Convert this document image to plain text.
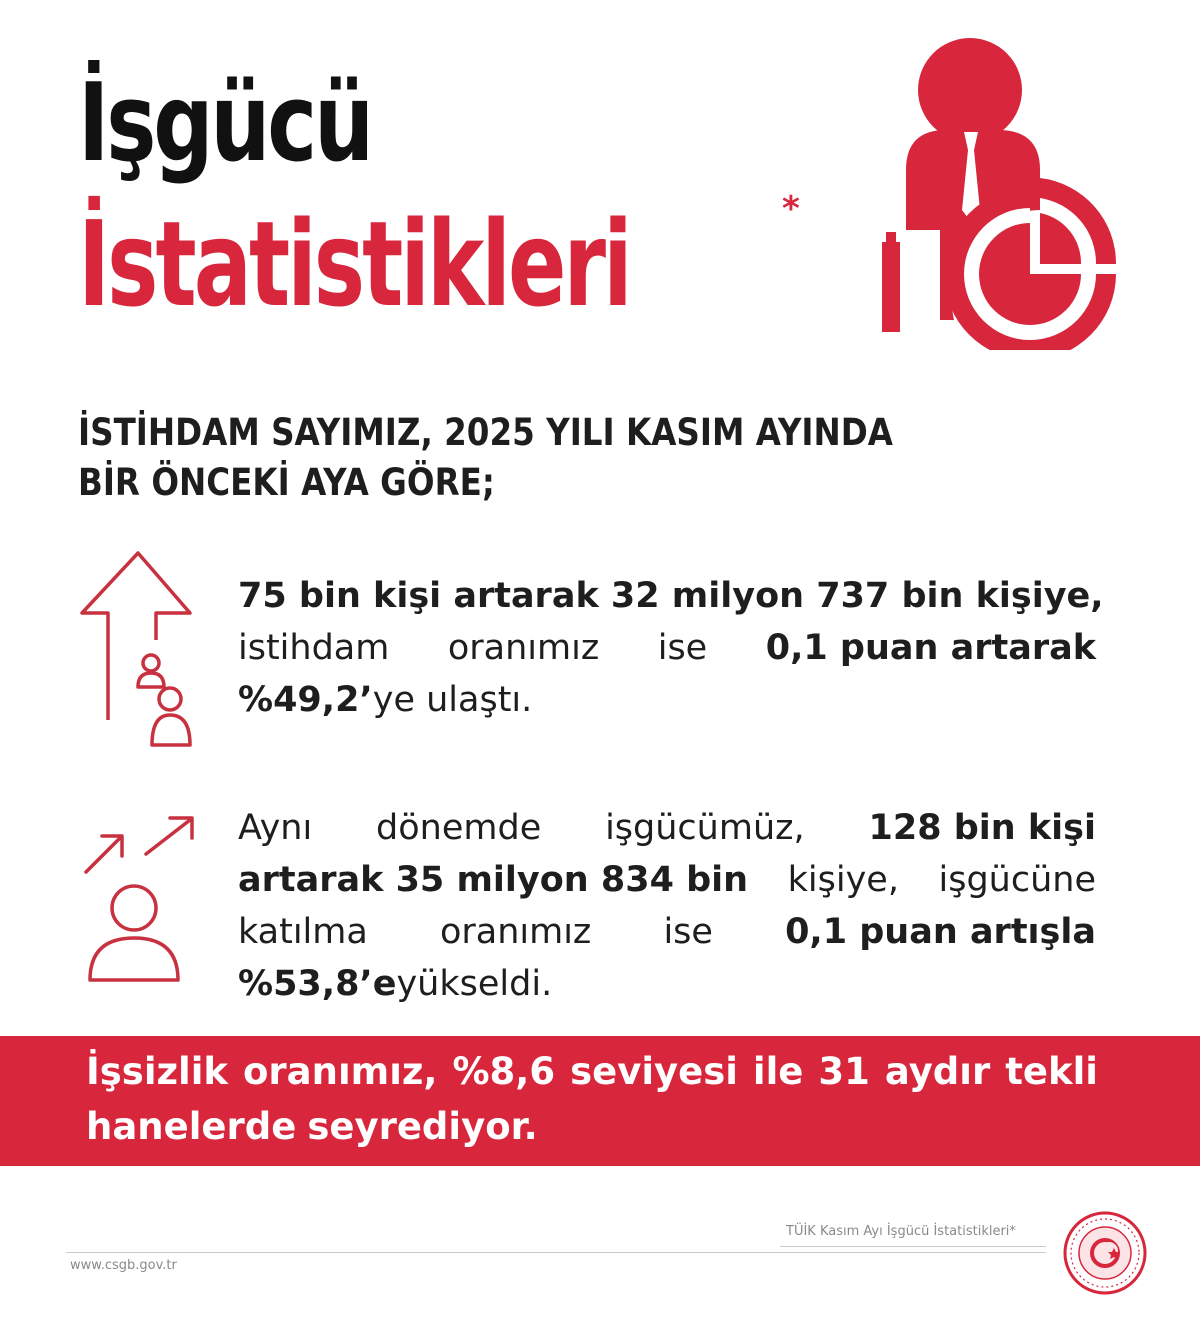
İşgücü
İstatistikleri	*
İSTİHDAM SAYIMIZ, 2025 YILI KASIM AYINDA
BİR ÖNCEKİ AYA GÖRE;
75 bin kişi artarak 32 milyon 737 bin kişiye,
istihdam oranımız ise 0,1 puan artarak
%49,2’ ye ulaştı.
Aynı dönemde işgücümüz, 128 bin kişi
artarak 35 milyon 834 bin kişiye, işgücüne
katılma oranımız ise 0,1 puan artışla
%53,8’e yükseldi.
İşsizlik oranımız, %8,6 seviyesi ile 31 aydır tekli
hanelerde seyrediyor.
TÜİK Kasım Ayı İşgücü İstatistikleri*
www.csgb.gov.tr
